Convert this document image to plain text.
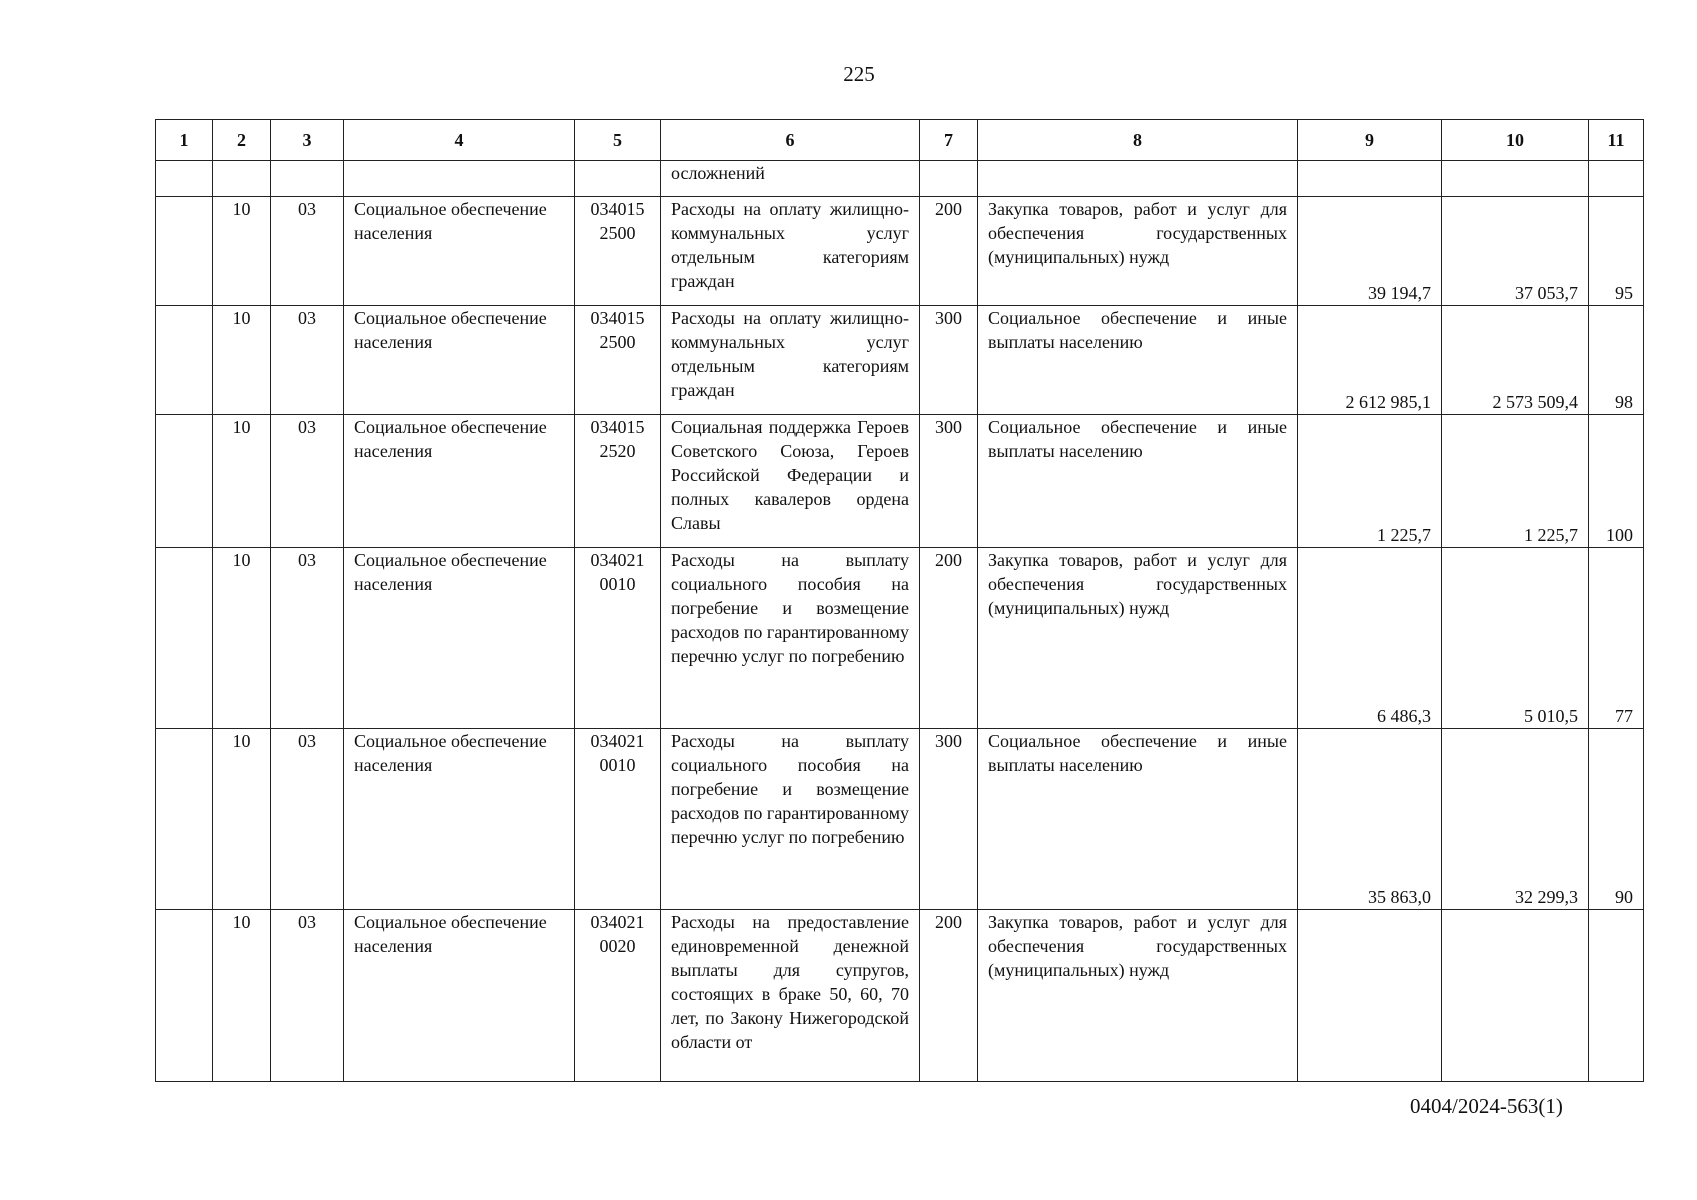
225
1	2	3	4	5	6	7	8	9	10	11
					осложнений					
	10	03	Социальное обеспечение населения	034015 2500	Расходы на оплату жилищно-коммунальных услуг отдельным категориям граждан	200	Закупка товаров, работ и услуг для обеспечения государственных (муниципальных) нужд	39 194,7	37 053,7	95
	10	03	Социальное обеспечение населения	034015 2500	Расходы на оплату жилищно-коммунальных услуг отдельным категориям граждан	300	Социальное обеспечение и иные выплаты населению	2 612 985,1	2 573 509,4	98
	10	03	Социальное обеспечение населения	034015 2520	Социальная поддержка Героев Советского Союза, Героев Российской Федерации и полных кавалеров ордена Славы	300	Социальное обеспечение и иные выплаты населению	1 225,7	1 225,7	100
	10	03	Социальное обеспечение населения	034021 0010	Расходы на выплату социального пособия на погребение и возмещение расходов по гарантированному перечню услуг по погребению	200	Закупка товаров, работ и услуг для обеспечения государственных (муниципальных) нужд	6 486,3	5 010,5	77
	10	03	Социальное обеспечение населения	034021 0010	Расходы на выплату социального пособия на погребение и возмещение расходов по гарантированному перечню услуг по погребению	300	Социальное обеспечение и иные выплаты населению	35 863,0	32 299,3	90
	10	03	Социальное обеспечение населения	034021 0020	Расходы на предоставление единовременной денежной выплаты для супругов, состоящих в браке 50, 60, 70 лет, по Закону Нижегородской области от	200	Закупка товаров, работ и услуг для обеспечения государственных (муниципальных) нужд			
0404/2024-563(1)
